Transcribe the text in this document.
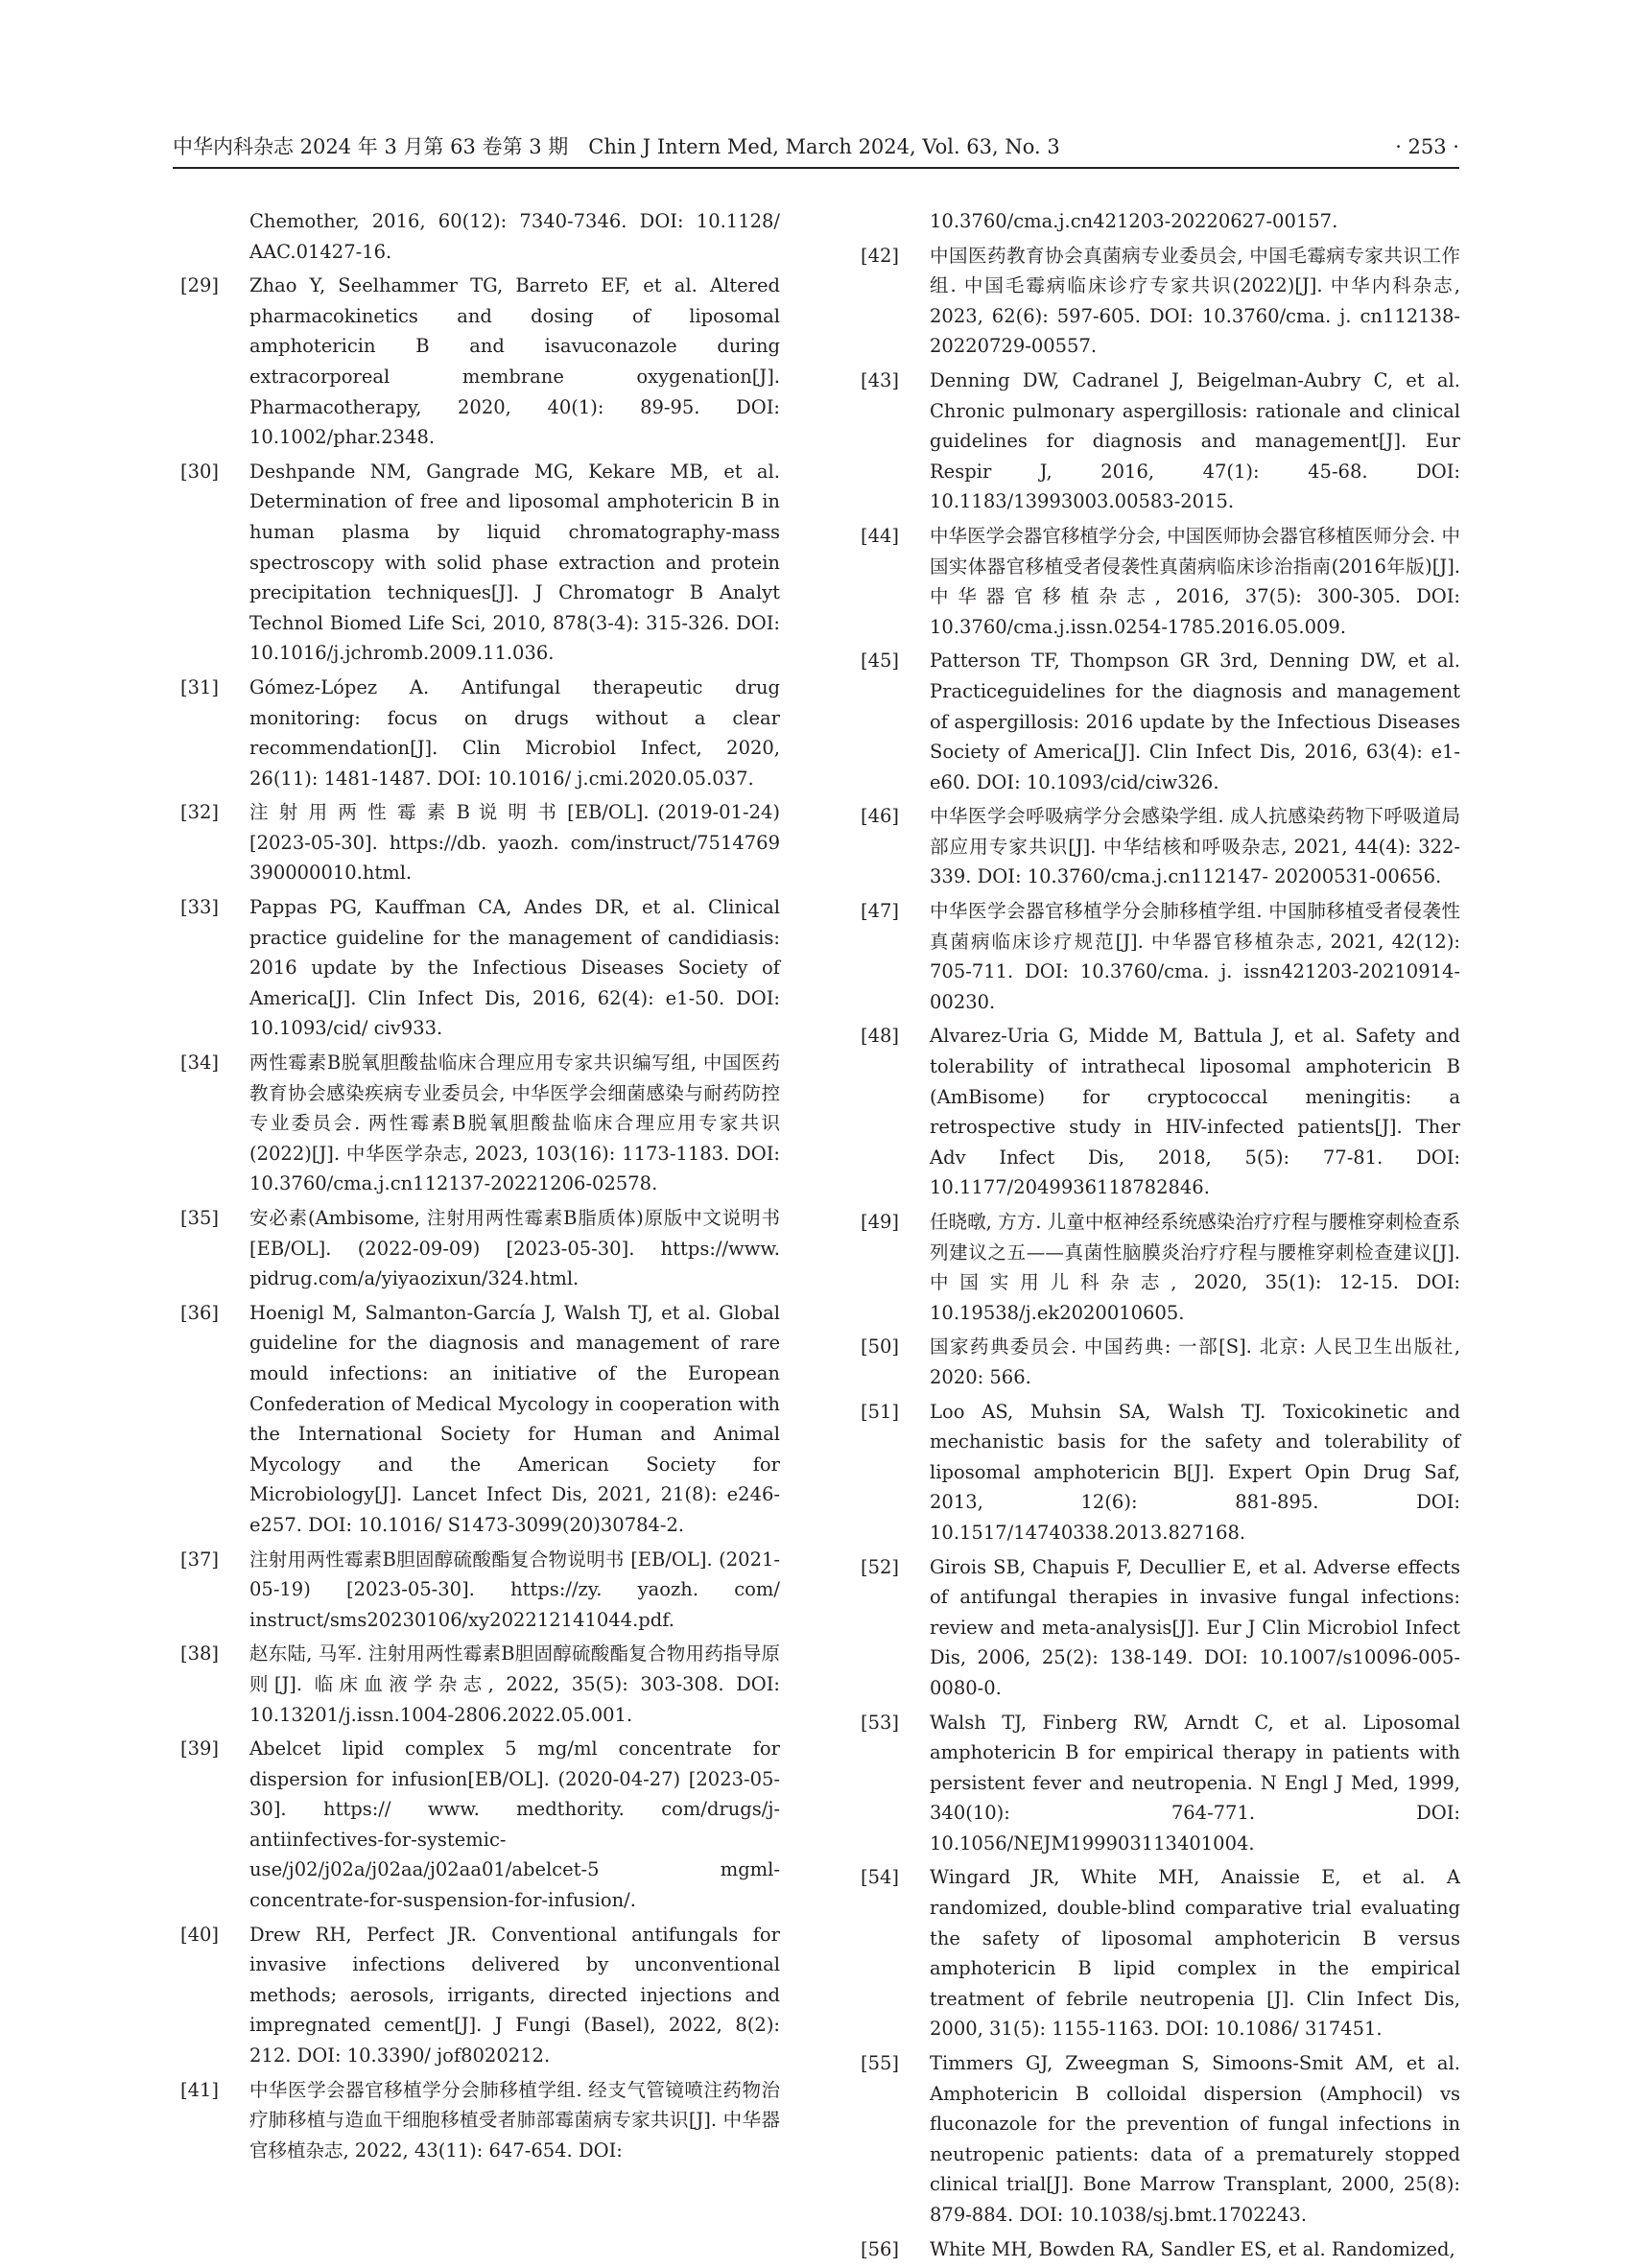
中华内科杂志 2024 年 3 月第 63 卷第 3 期　Chin J Intern Med, March 2024, Vol. 63, No. 3	· 253 ·
Chemother, 2016, 60(12): 7340-7346. DOI: 10.1128/ AAC.01427-16.
[29] Zhao Y, Seelhammer TG, Barreto EF, et al. Altered pharmacokinetics and dosing of liposomal amphotericin B and isavuconazole during extracorporeal membrane oxygenation[J]. Pharmacotherapy, 2020, 40(1): 89-95. DOI: 10.1002/phar.2348.
[30] Deshpande NM, Gangrade MG, Kekare MB, et al. Determination of free and liposomal amphotericin B in human plasma by liquid chromatography-mass spectroscopy with solid phase extraction and protein precipitation techniques[J]. J Chromatogr B Analyt Technol Biomed Life Sci, 2010, 878(3-4): 315-326. DOI: 10.1016/j.jchromb.2009.11.036.
[31] Gómez-López A. Antifungal therapeutic drug monitoring: focus on drugs without a clear recommendation[J]. Clin Microbiol Infect, 2020, 26(11): 1481-1487. DOI: 10.1016/ j.cmi.2020.05.037.
[32] 注 射 用 两 性 霉 素 B 说 明 书 [EB/OL]. (2019-01-24) [2023-05-30]. https://db. yaozh. com/instruct/7514769 390000010.html.
[33] Pappas PG, Kauffman CA, Andes DR, et al. Clinical practice guideline for the management of candidiasis: 2016 update by the Infectious Diseases Society of America[J]. Clin Infect Dis, 2016, 62(4): e1-50. DOI: 10.1093/cid/ civ933.
[34] 两性霉素B脱氧胆酸盐临床合理应用专家共识编写组, 中国医药教育协会感染疾病专业委员会, 中华医学会细菌感染与耐药防控专业委员会. 两性霉素B脱氧胆酸盐临床合理应用专家共识(2022)[J]. 中华医学杂志, 2023, 103(16): 1173-1183. DOI: 10.3760/cma.j.cn112137-20221206-02578.
[35] 安必素(Ambisome, 注射用两性霉素B脂质体)原版中文说明书[EB/OL]. (2022-09-09) [2023-05-30]. https://www. pidrug.com/a/yiyaozixun/324.html.
[36] Hoenigl M, Salmanton-García J, Walsh TJ, et al. Global guideline for the diagnosis and management of rare mould infections: an initiative of the European Confederation of Medical Mycology in cooperation with the International Society for Human and Animal Mycology and the American Society for Microbiology[J]. Lancet Infect Dis, 2021, 21(8): e246-e257. DOI: 10.1016/ S1473-3099(20)30784-2.
[37] 注射用两性霉素B胆固醇硫酸酯复合物说明书 [EB/OL]. (2021-05-19) [2023-05-30]. https://zy. yaozh. com/ instruct/sms20230106/xy202212141044.pdf.
[38] 赵东陆, 马军. 注射用两性霉素B胆固醇硫酸酯复合物用药指导原则[J]. 临床血液学杂志, 2022, 35(5): 303-308. DOI: 10.13201/j.issn.1004-2806.2022.05.001.
[39] Abelcet lipid complex 5 mg/ml concentrate for dispersion for infusion[EB/OL]. (2020-04-27) [2023-05-30]. https:// www. medthority. com/drugs/j-antiinfectives-for-systemic-use/j02/j02a/j02aa/j02aa01/abelcet-5 mgml-concentrate-for-suspension-for-infusion/.
[40] Drew RH, Perfect JR. Conventional antifungals for invasive infections delivered by unconventional methods; aerosols, irrigants, directed injections and impregnated cement[J]. J Fungi (Basel), 2022, 8(2): 212. DOI: 10.3390/ jof8020212.
[41] 中华医学会器官移植学分会肺移植学组. 经支气管镜喷注药物治疗肺移植与造血干细胞移植受者肺部霉菌病专家共识[J]. 中华器官移植杂志, 2022, 43(11): 647-654. DOI:
10.3760/cma.j.cn421203-20220627-00157.
[42] 中国医药教育协会真菌病专业委员会, 中国毛霉病专家共识工作组. 中国毛霉病临床诊疗专家共识(2022)[J]. 中华内科杂志, 2023, 62(6): 597-605. DOI: 10.3760/cma. j. cn112138-20220729-00557.
[43] Denning DW, Cadranel J, Beigelman-Aubry C, et al. Chronic pulmonary aspergillosis: rationale and clinical guidelines for diagnosis and management[J]. Eur Respir J, 2016, 47(1): 45-68. DOI: 10.1183/13993003.00583-2015.
[44] 中华医学会器官移植学分会, 中国医师协会器官移植医师分会. 中国实体器官移植受者侵袭性真菌病临床诊治指南(2016年版)[J]. 中华器官移植杂志, 2016, 37(5): 300-305. DOI: 10.3760/cma.j.issn.0254-1785.2016.05.009.
[45] Patterson TF, Thompson GR 3rd, Denning DW, et al. Practiceguidelines for the diagnosis and management of aspergillosis: 2016 update by the Infectious Diseases Society of America[J]. Clin Infect Dis, 2016, 63(4): e1-e60. DOI: 10.1093/cid/ciw326.
[46] 中华医学会呼吸病学分会感染学组. 成人抗感染药物下呼吸道局部应用专家共识[J]. 中华结核和呼吸杂志, 2021, 44(4): 322-339. DOI: 10.3760/cma.j.cn112147- 20200531-00656.
[47] 中华医学会器官移植学分会肺移植学组. 中国肺移植受者侵袭性真菌病临床诊疗规范[J]. 中华器官移植杂志, 2021, 42(12): 705-711. DOI: 10.3760/cma. j. issn421203-20210914-00230.
[48] Alvarez-Uria G, Midde M, Battula J, et al. Safety and tolerability of intrathecal liposomal amphotericin B (AmBisome) for cryptococcal meningitis: a retrospective study in HIV-infected patients[J]. Ther Adv Infect Dis, 2018, 5(5): 77-81. DOI: 10.1177/2049936118782846.
[49] 任晓暾, 方方. 儿童中枢神经系统感染治疗疗程与腰椎穿刺检查系列建议之五——真菌性脑膜炎治疗疗程与腰椎穿刺检查建议[J]. 中国实用儿科杂志, 2020, 35(1): 12-15. DOI: 10.19538/j.ek2020010605.
[50] 国家药典委员会. 中国药典: 一部[S]. 北京: 人民卫生出版社, 2020: 566.
[51] Loo AS, Muhsin SA, Walsh TJ. Toxicokinetic and mechanistic basis for the safety and tolerability of liposomal amphotericin B[J]. Expert Opin Drug Saf, 2013, 12(6): 881-895. DOI: 10.1517/14740338.2013.827168.
[52] Girois SB, Chapuis F, Decullier E, et al. Adverse effects of antifungal therapies in invasive fungal infections: review and meta-analysis[J]. Eur J Clin Microbiol Infect Dis, 2006, 25(2): 138-149. DOI: 10.1007/s10096-005-0080-0.
[53] Walsh TJ, Finberg RW, Arndt C, et al. Liposomal amphotericin B for empirical therapy in patients with persistent fever and neutropenia. N Engl J Med, 1999, 340(10): 764-771. DOI: 10.1056/NEJM199903113401004.
[54] Wingard JR, White MH, Anaissie E, et al. A randomized, double-blind comparative trial evaluating the safety of liposomal amphotericin B versus amphotericin B lipid complex in the empirical treatment of febrile neutropenia [J]. Clin Infect Dis, 2000, 31(5): 1155-1163. DOI: 10.1086/ 317451.
[55] Timmers GJ, Zweegman S, Simoons-Smit AM, et al. Amphotericin B colloidal dispersion (Amphocil) vs fluconazole for the prevention of fungal infections in neutropenic patients: data of a prematurely stopped clinical trial[J]. Bone Marrow Transplant, 2000, 25(8): 879-884. DOI: 10.1038/sj.bmt.1702243.
[56] White MH, Bowden RA, Sandler ES, et al. Randomized,
